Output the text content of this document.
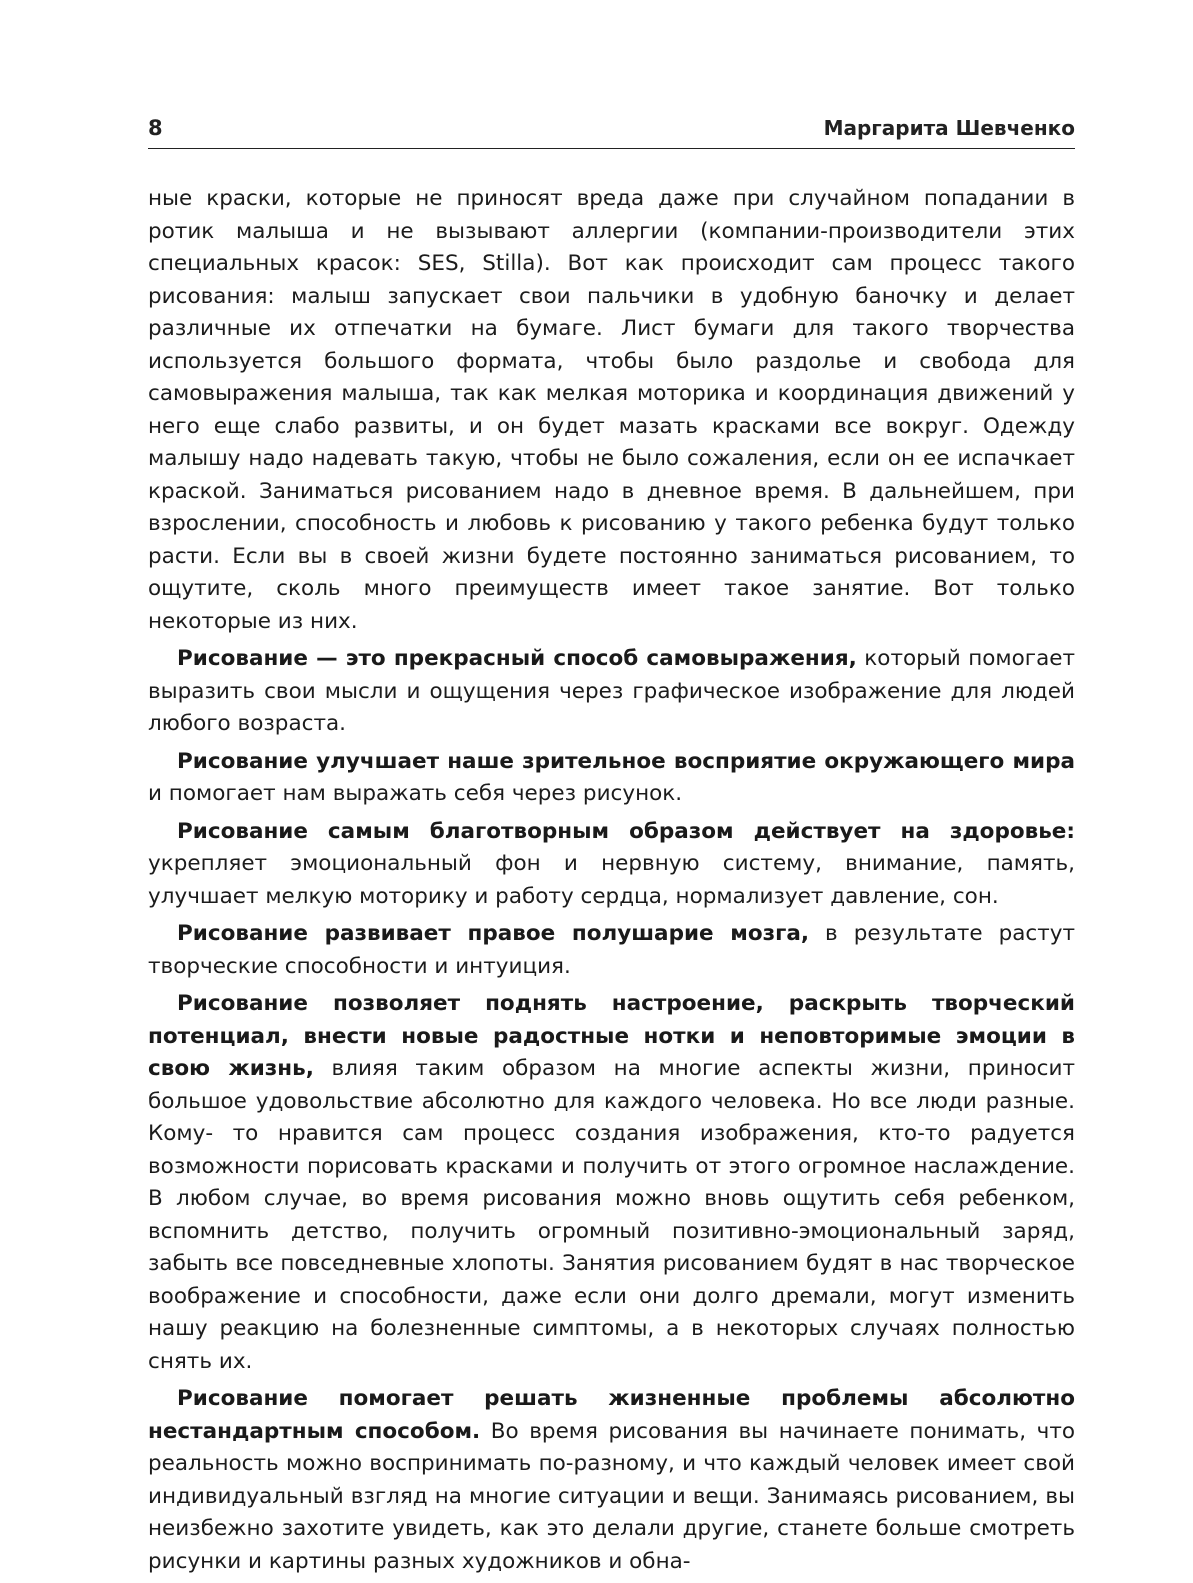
8	Маргарита Шевченко

ные краски, которые не приносят вреда даже при случайном попадании в ротик малыша и не вызывают аллергии (компании-производители этих специальных красок: SES, Stilla). Вот как происходит сам процесс такого рисования: малыш запускает свои пальчики в удобную баночку и делает различные их отпечатки на бумаге. Лист бумаги для такого творчества используется большого формата, чтобы было раздолье и свобода для самовыражения малыша, так как мелкая моторика и координация движений у него еще слабо развиты, и он будет мазать красками все вокруг. Одежду малышу надо надевать такую, чтобы не было сожаления, если он ее испачкает краской. Заниматься рисованием надо в дневное время. В дальнейшем, при взрослении, способность и любовь к рисованию у такого ребенка будут только расти. Если вы в своей жизни будете постоянно заниматься рисованием, то ощутите, сколь много преимуществ имеет такое занятие. Вот только некоторые из них.

Рисование — это прекрасный способ самовыражения, который помогает выразить свои мысли и ощущения через графическое изображение для людей любого возраста.

Рисование улучшает наше зрительное восприятие окружающего мира и помогает нам выражать себя через рисунок.

Рисование самым благотворным образом действует на здоровье: укрепляет эмоциональный фон и нервную систему, внимание, память, улучшает мелкую моторику и работу сердца, нормализует давление, сон.

Рисование развивает правое полушарие мозга, в результате растут творческие способности и интуиция.

Рисование позволяет поднять настроение, раскрыть творческий потенциал, внести новые радостные нотки и неповторимые эмоции в свою жизнь, влияя таким образом на многие аспекты жизни, приносит большое удовольствие абсолютно для каждого человека. Но все люди разные. Кому- то нравится сам процесс создания изображения, кто-то радуется возможности порисовать красками и получить от этого огромное наслаждение. В любом случае, во время рисования можно вновь ощутить себя ребенком, вспомнить детство, получить огромный позитивно-эмоциональный заряд, забыть все повседневные хлопоты. Занятия рисованием будят в нас творческое воображение и способности, даже если они долго дремали, могут изменить нашу реакцию на болезненные симптомы, а в некоторых случаях полностью снять их.

Рисование помогает решать жизненные проблемы абсолютно нестандартным способом. Во время рисования вы начинаете понимать, что реальность можно воспринимать по-разному, и что каждый человек имеет свой индивидуальный взгляд на многие ситуации и вещи. Занимаясь рисованием, вы неизбежно захотите увидеть, как это делали другие, станете больше смотреть рисунки и картины разных художников и обна-
